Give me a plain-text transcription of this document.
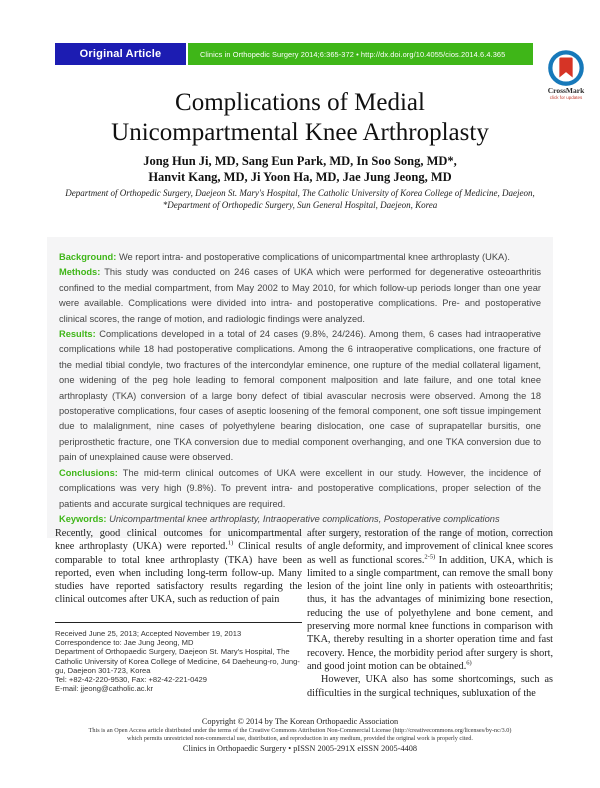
Original Article	Clinics in Orthopedic Surgery 2014;6:365-372 • http://dx.doi.org/10.4055/cios.2014.6.4.365
CrossMark
click for updates
Complications of Medial
Unicompartmental Knee Arthroplasty
Jong Hun Ji, MD, Sang Eun Park, MD, In Soo Song, MD*,
Hanvit Kang, MD, Ji Yoon Ha, MD, Jae Jung Jeong, MD
Department of Orthopedic Surgery, Daejeon St. Mary's Hospital, The Catholic University of Korea College of Medicine, Daejeon,
*Department of Orthopedic Surgery, Sun General Hospital, Daejeon, Korea
Background: We report intra- and postoperative complications of unicompartmental knee arthroplasty (UKA).
Methods: This study was conducted on 246 cases of UKA which were performed for degenerative osteoarthritis confined to the medial compartment, from May 2002 to May 2010, for which follow-up periods longer than one year were available. Complications were divided into intra- and postoperative complications. Pre- and postoperative clinical scores, the range of motion, and radiologic findings were analyzed.
Results: Complications developed in a total of 24 cases (9.8%, 24/246). Among them, 6 cases had intraoperative complications while 18 had postoperative complications. Among the 6 intraoperative complications, one fracture of the medial tibial condyle, two fractures of the intercondylar eminence, one rupture of the medial collateral ligament, one widening of the peg hole leading to femoral component malposition and late failure, and one total knee arthroplasty (TKA) conversion of a large bony defect of tibial avascular necrosis were observed. Among the 18 postoperative complications, four cases of aseptic loosening of the femoral component, one soft tissue impingement due to malalignment, nine cases of polyethylene bearing dislocation, one case of suprapatellar bursitis, one periprosthetic fracture, one TKA conversion due to medial component overhanging, and one TKA conversion due to pain of unexplained cause were observed.
Conclusions: The mid-term clinical outcomes of UKA were excellent in our study. However, the incidence of complications was very high (9.8%). To prevent intra- and postoperative complications, proper selection of the patients and accurate surgical techniques are required.
Keywords: Unicompartmental knee arthroplasty, Intraoperative complications, Postoperative complications

Recently, good clinical outcomes for unicompartmental knee arthroplasty (UKA) were reported.$^{1)}$ Clinical results comparable to total knee arthroplasty (TKA) have been reported, even when including long-term follow-up. Many studies have reported satisfactory results regarding the clinical outcomes after UKA, such as reduction of pain

after surgery, restoration of the range of motion, correction of angle deformity, and improvement of clinical knee scores as well as functional scores.$^{2-5)}$ In addition, UKA, which is limited to a single compartment, can remove the small bony lesion of the joint line only in patients with osteoarthritis; thus, it has the advantages of minimizing bone resection, reducing the use of polyethylene and bone cement, and preserving more normal knee functions in comparison with TKA, thereby resulting in a shorter operation time and fast recovery. Hence, the morbidity period after surgery is short, and good joint motion can be obtained.$^{6)}$

However, UKA also has some shortcomings, such as difficulties in the surgical techniques, subluxation of the

Received June 25, 2013; Accepted November 19, 2013
Correspondence to: Jae Jung Jeong, MD
Department of Orthopaedic Surgery, Daejeon St. Mary's Hospital, The Catholic University of Korea College of Medicine, 64 Daeheung-ro, Jung-gu, Daejeon 301-723, Korea
Tel: +82-42-220-9530, Fax: +82-42-221-0429
E-mail: jjeong@catholic.ac.kr
Copyright © 2014 by The Korean Orthopaedic Association
This is an Open Access article distributed under the terms of the Creative Commons Attribution Non-Commercial License (http://creativecommons.org/licenses/by-nc/3.0)
which permits unrestricted non-commercial use, distribution, and reproduction in any medium, provided the original work is properly cited.
Clinics in Orthopaedic Surgery • pISSN 2005-291X eISSN 2005-4408
